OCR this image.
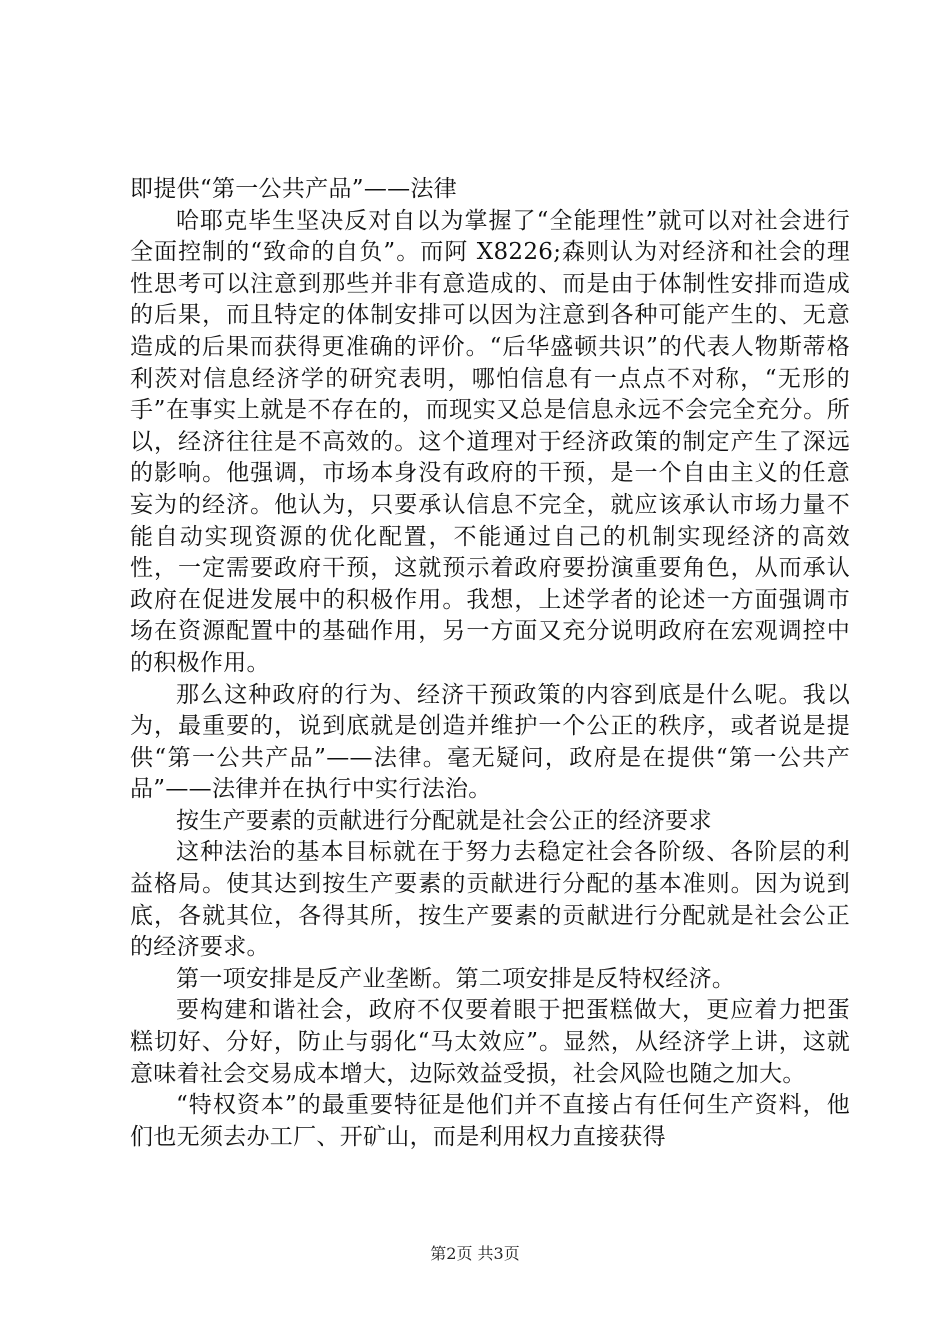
即提供“第一公共产品”——法律

哈耶克毕生坚决反对自以为掌握了“全能理性”就可以对社会进行全面控制的“致命的自负”。而阿 X8226;森则认为对经济和社会的理性思考可以注意到那些并非有意造成的、而是由于体制性安排而造成的后果，而且特定的体制安排可以因为注意到各种可能产生的、无意造成的后果而获得更准确的评价。“后华盛顿共识”的代表人物斯蒂格利茨对信息经济学的研究表明，哪怕信息有一点点不对称，“无形的手”在事实上就是不存在的，而现实又总是信息永远不会完全充分。所以，经济往往是不高效的。这个道理对于经济政策的制定产生了深远的影响。他强调，市场本身没有政府的干预，是一个自由主义的任意妄为的经济。他认为，只要承认信息不完全，就应该承认市场力量不能自动实现资源的优化配置，不能通过自己的机制实现经济的高效性，一定需要政府干预，这就预示着政府要扮演重要角色，从而承认政府在促进发展中的积极作用。我想，上述学者的论述一方面强调市场在资源配置中的基础作用，另一方面又充分说明政府在宏观调控中的积极作用。

那么这种政府的行为、经济干预政策的内容到底是什么呢。我以为，最重要的，说到底就是创造并维护一个公正的秩序，或者说是提供“第一公共产品”——法律。毫无疑问，政府是在提供“第一公共产品”——法律并在执行中实行法治。

按生产要素的贡献进行分配就是社会公正的经济要求

这种法治的基本目标就在于努力去稳定社会各阶级、各阶层的利益格局。使其达到按生产要素的贡献进行分配的基本准则。因为说到底，各就其位，各得其所，按生产要素的贡献进行分配就是社会公正的经济要求。

第一项安排是反产业垄断。第二项安排是反特权经济。

要构建和谐社会，政府不仅要着眼于把蛋糕做大，更应着力把蛋糕切好、分好，防止与弱化“马太效应”。显然，从经济学上讲，这就意味着社会交易成本增大，边际效益受损，社会风险也随之加大。

“特权资本”的最重要特征是他们并不直接占有任何生产资料，他们也无须去办工厂、开矿山，而是利用权力直接获得

第2页 共3页
